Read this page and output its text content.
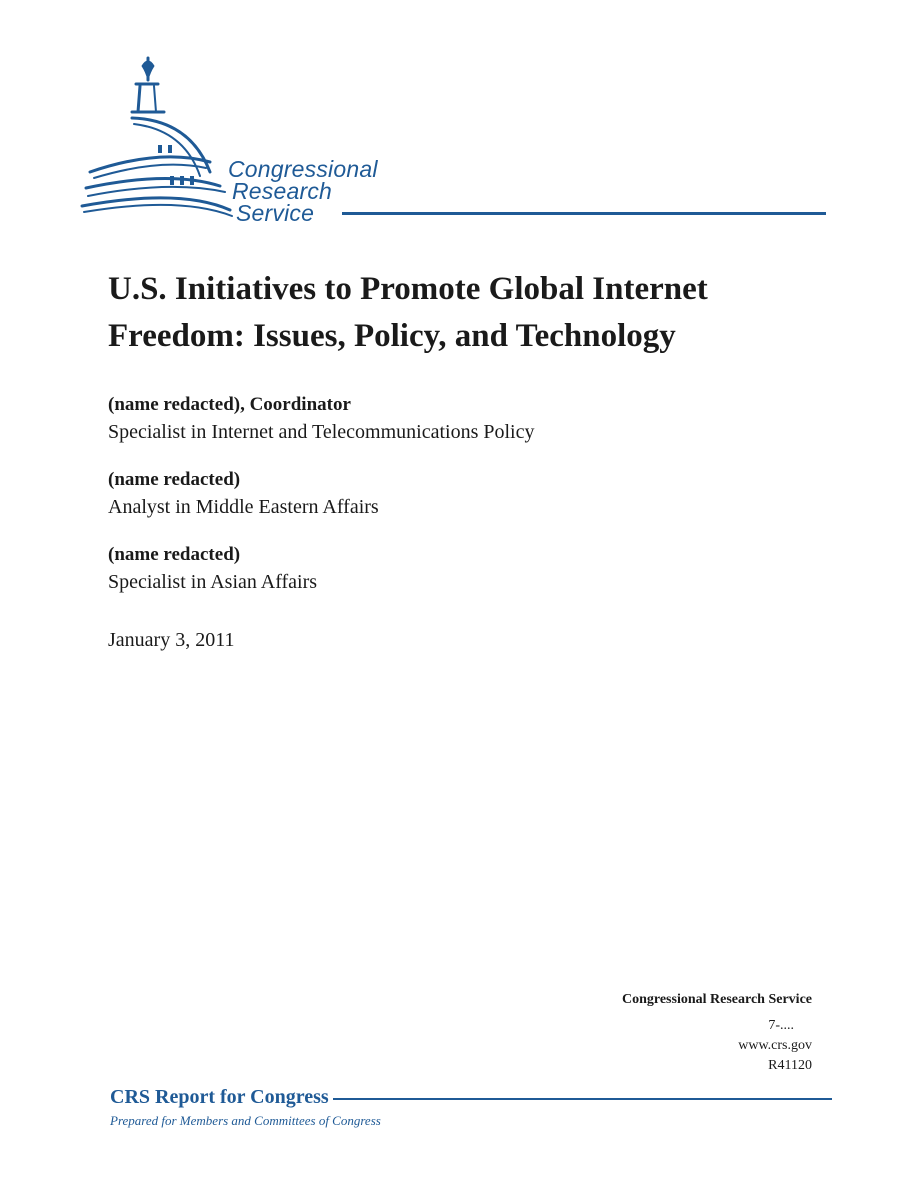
Congressional
Research
Service
U.S. Initiatives to Promote Global Internet
Freedom: Issues, Policy, and Technology
(name redacted), Coordinator
Specialist in Internet and Telecommunications Policy
(name redacted)
Analyst in Middle Eastern Affairs
(name redacted)
Specialist in Asian Affairs
January 3, 2011
Congressional Research Service
7-....
www.crs.gov
R41120
CRS Report for Congress
Prepared for Members and Committees of Congress
